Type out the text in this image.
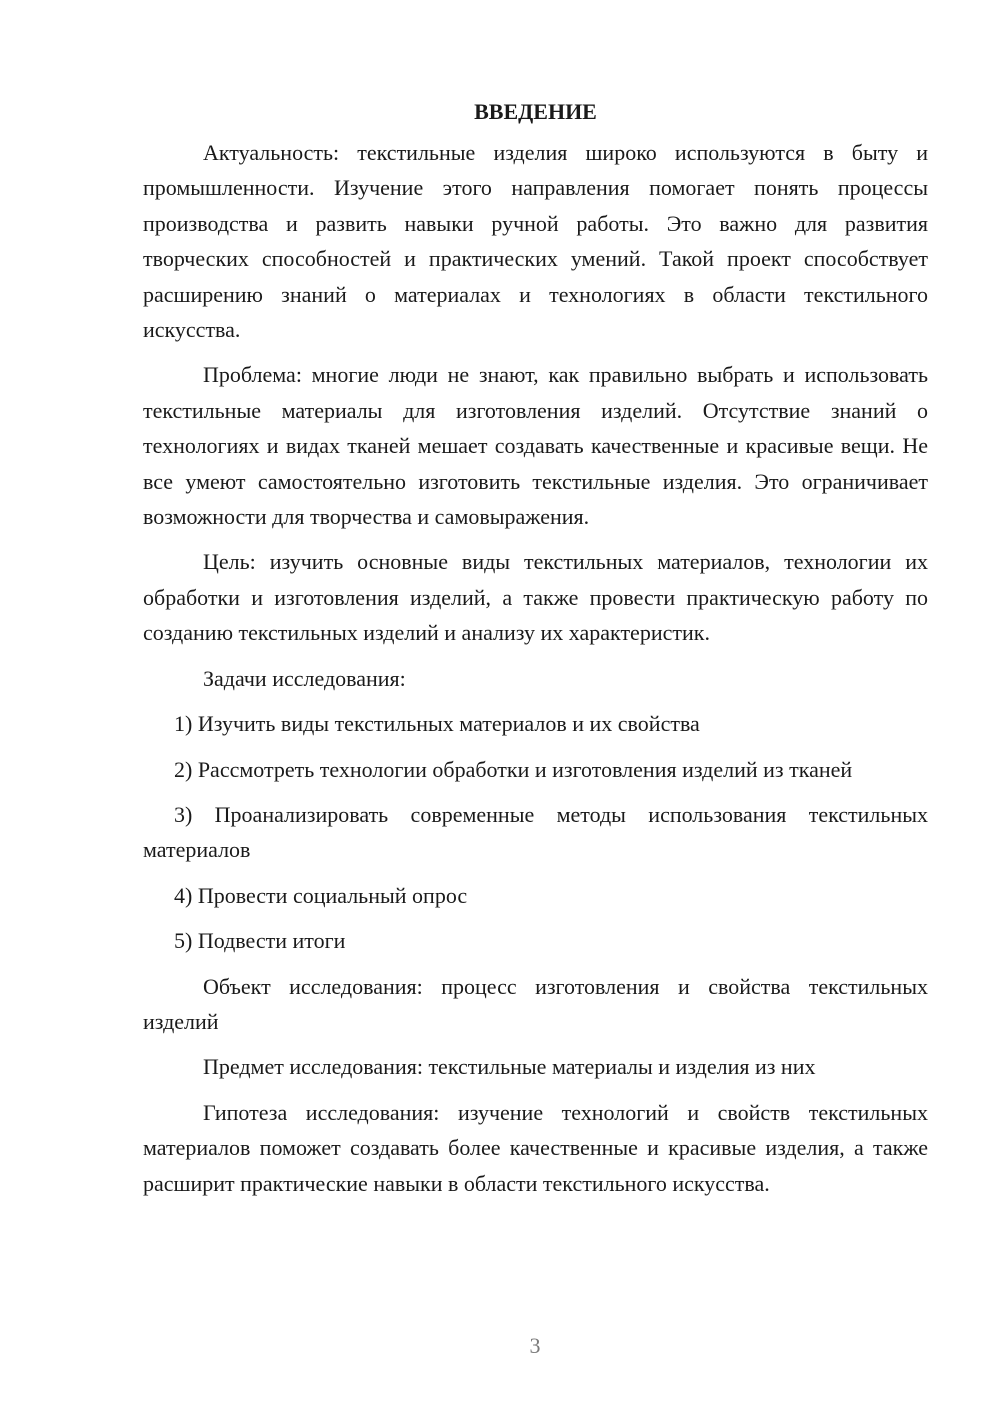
ВВЕДЕНИЕ

Актуальность: текстильные изделия широко используются в быту и промышленности. Изучение этого направления помогает понять процессы производства и развить навыки ручной работы. Это важно для развития творческих способностей и практических умений. Такой проект способствует расширению знаний о материалах и технологиях в области текстильного искусства.

Проблема: многие люди не знают, как правильно выбрать и использовать текстильные материалы для изготовления изделий. Отсутствие знаний о технологиях и видах тканей мешает создавать качественные и красивые вещи. Не все умеют самостоятельно изготовить текстильные изделия. Это ограничивает возможности для творчества и самовыражения.

Цель: изучить основные виды текстильных материалов, технологии их обработки и изготовления изделий, а также провести практическую работу по созданию текстильных изделий и анализу их характеристик.

Задачи исследования:

1) Изучить виды текстильных материалов и их свойства

2) Рассмотреть технологии обработки и изготовления изделий из тканей

3) Проанализировать современные методы использования текстильных материалов

4) Провести социальный опрос

5) Подвести итоги

Объект исследования: процесс изготовления и свойства текстильных изделий

Предмет исследования: текстильные материалы и изделия из них

Гипотеза исследования: изучение технологий и свойств текстильных материалов поможет создавать более качественные и красивые изделия, а также расширит практические навыки в области текстильного искусства.

3
